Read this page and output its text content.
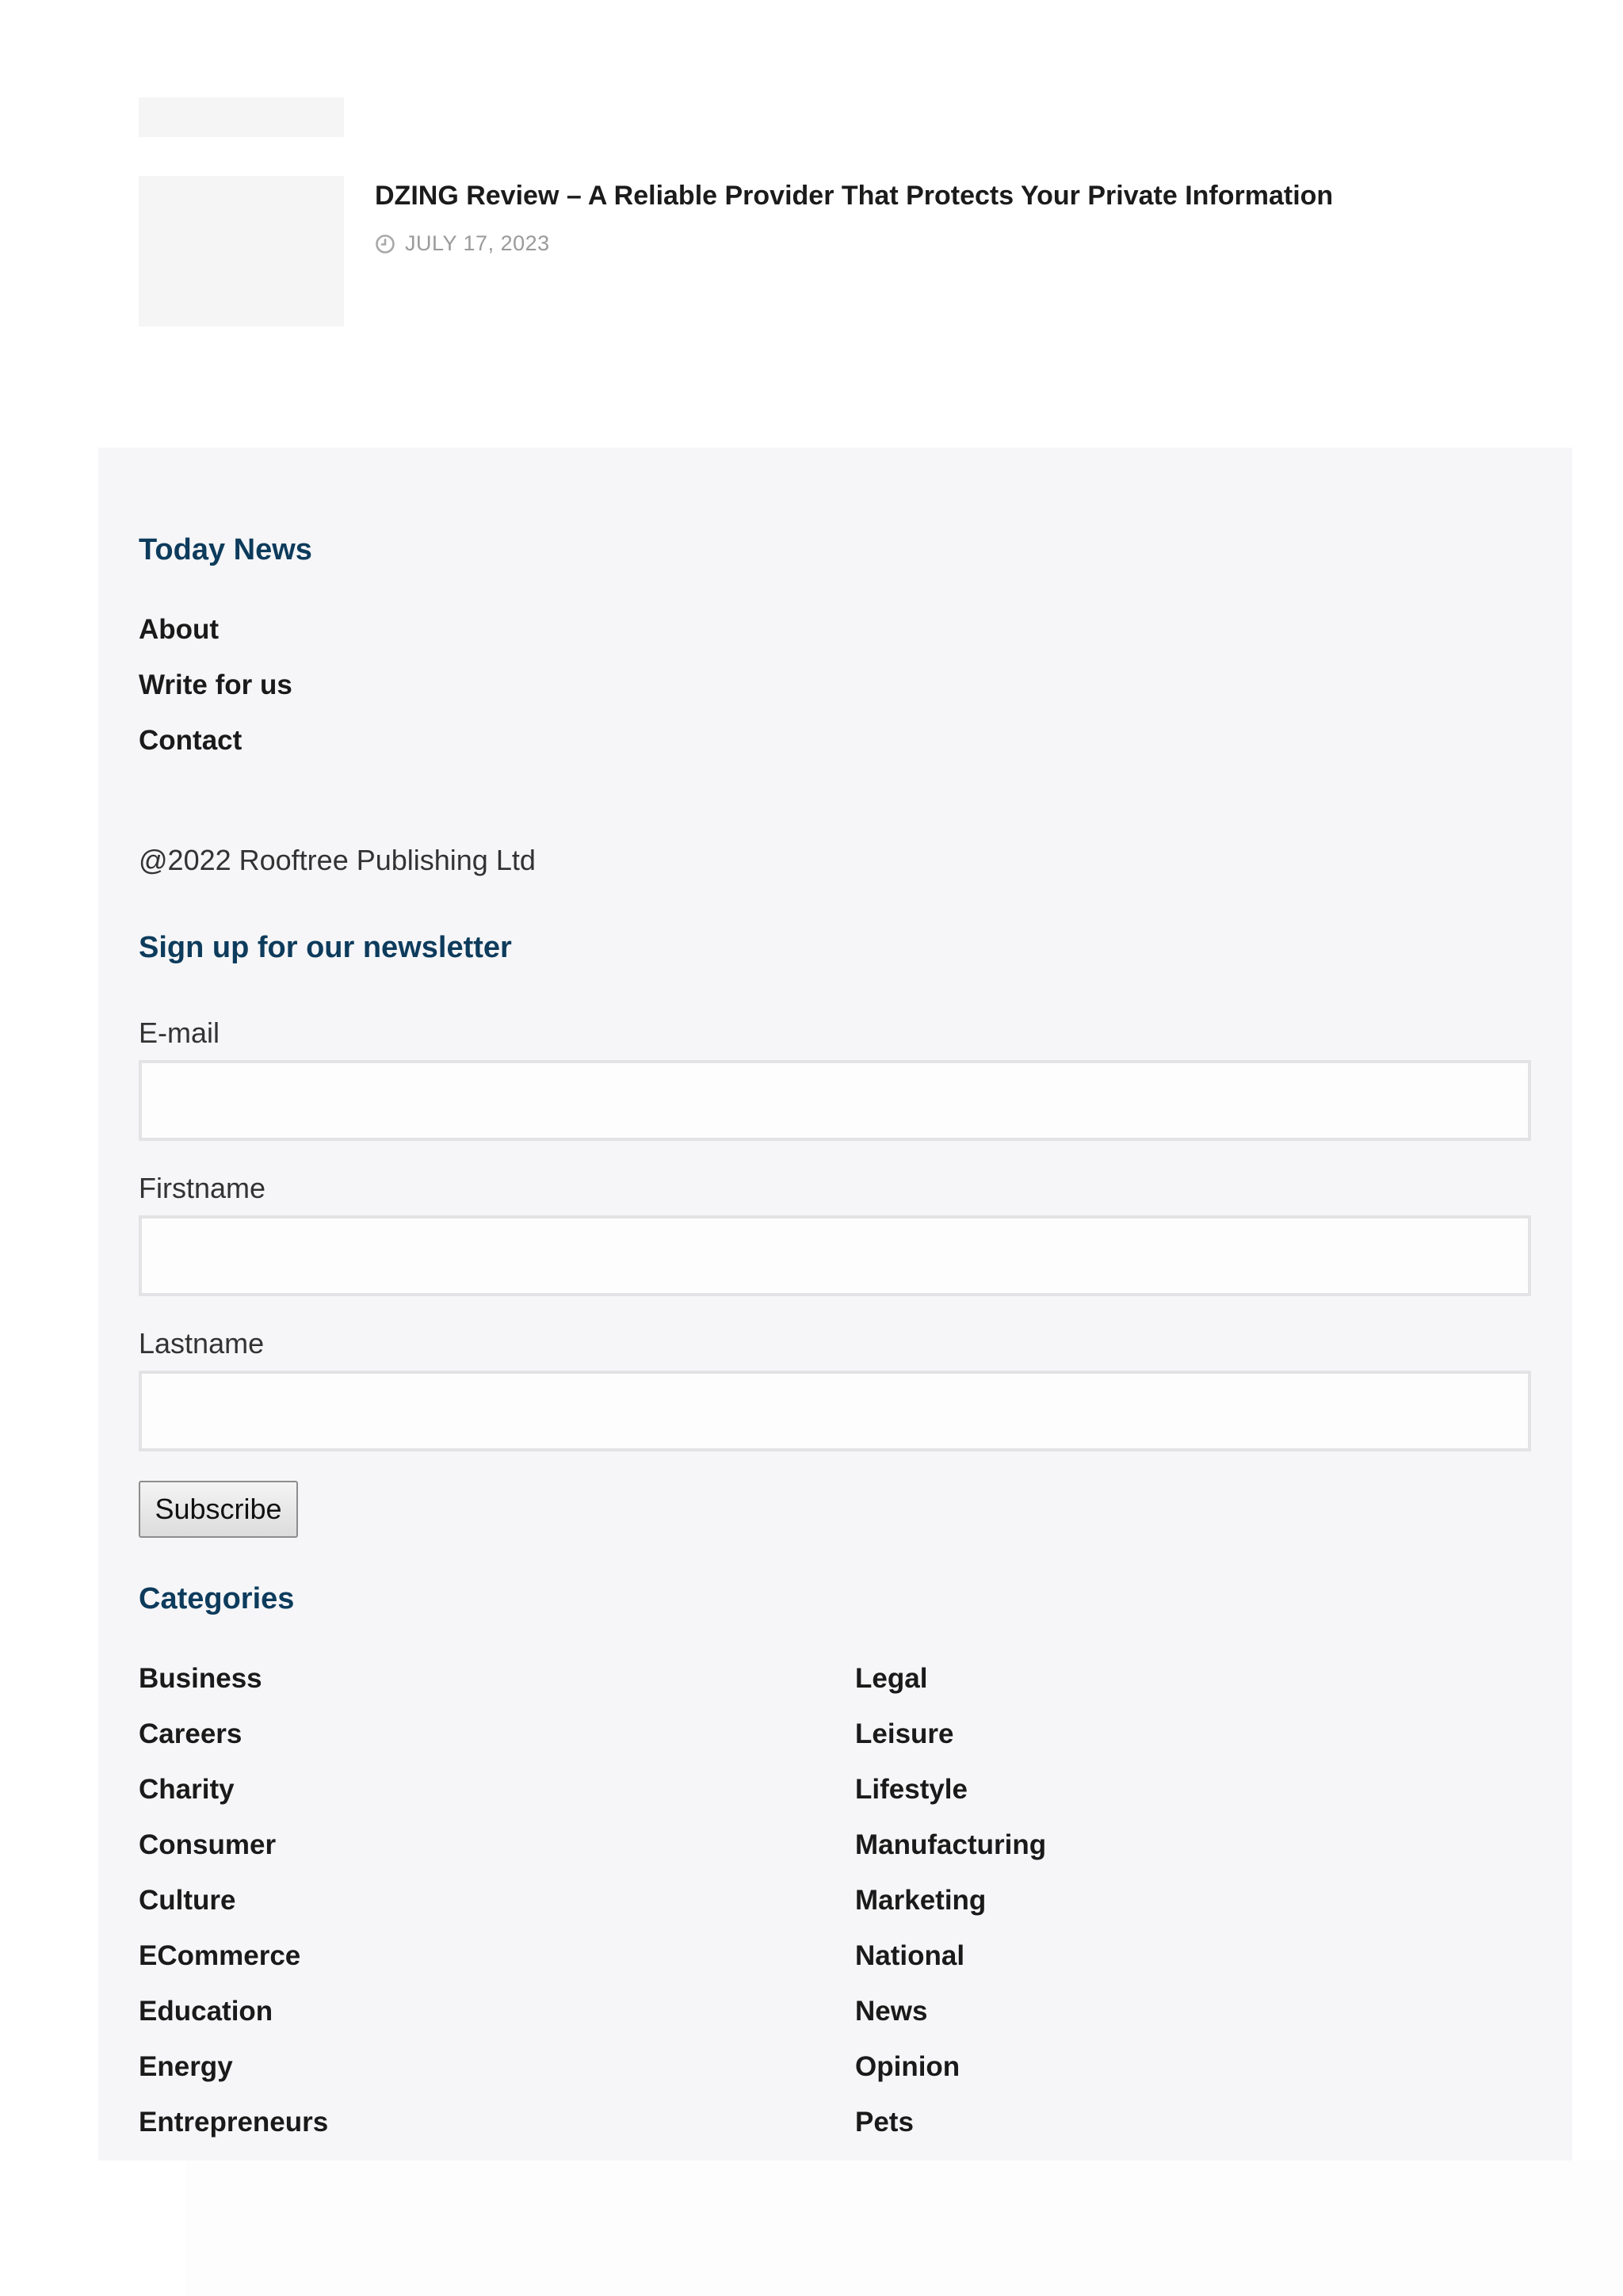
DZING Review – A Reliable Provider That Protects Your Private Information
JULY 17, 2023
Today News
About
Write for us
Contact
@2022 Rooftree Publishing Ltd
Sign up for our newsletter
E-mail
Firstname
Lastname
Subscribe
Categories
Business
Careers
Charity
Consumer
Culture
ECommerce
Education
Energy
Entrepreneurs
Legal
Leisure
Lifestyle
Manufacturing
Marketing
National
News
Opinion
Pets
